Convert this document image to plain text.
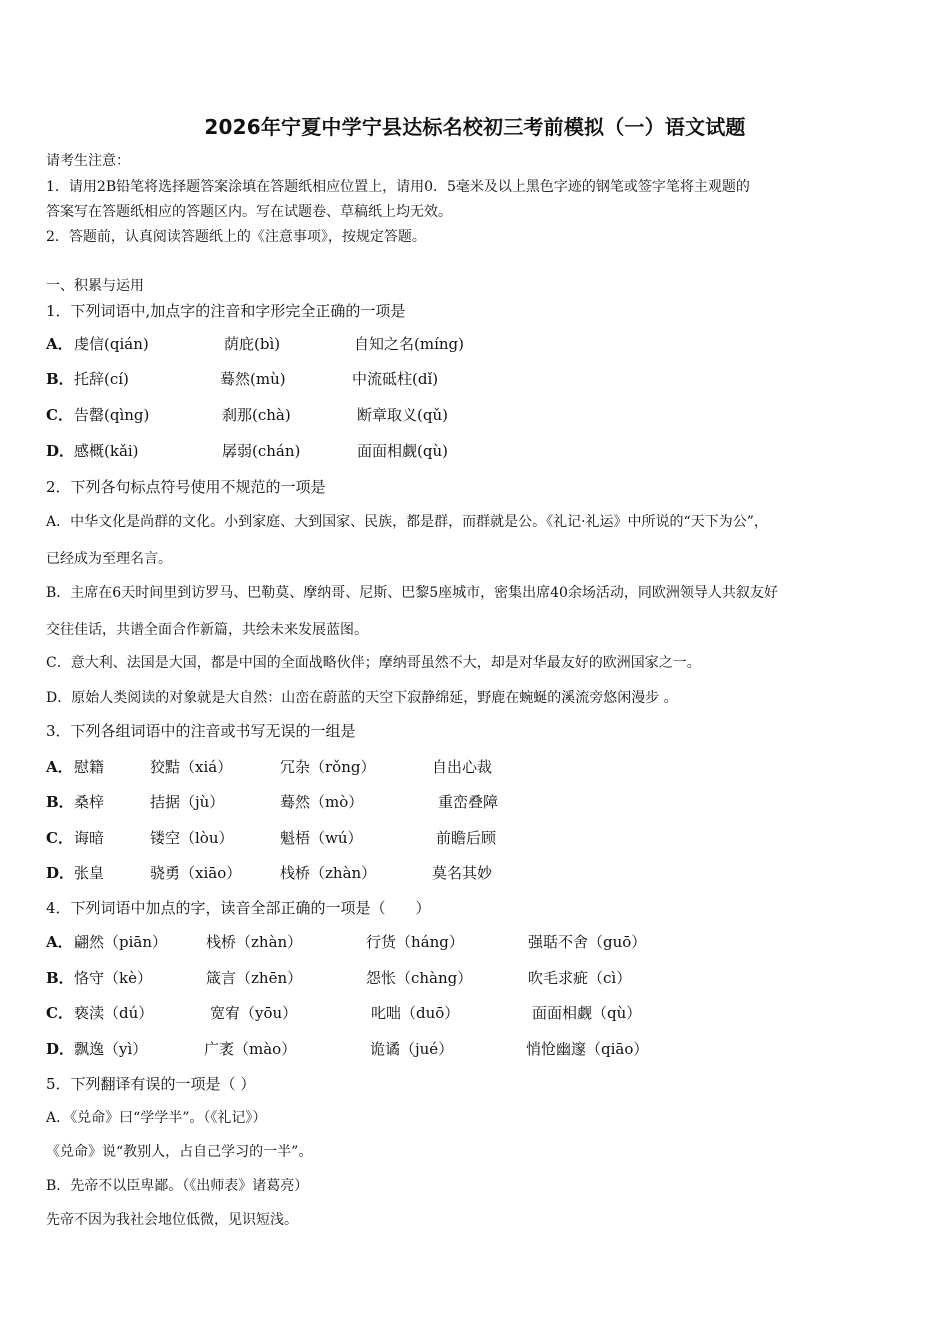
2026年宁夏中学宁县达标名校初三考前模拟（一）语文试题
请考生注意：
1．请用2B铅笔将选择题答案涂填在答题纸相应位置上，请用0．5毫米及以上黑色字迹的钢笔或签字笔将主观题的
答案写在答题纸相应的答题区内。写在试题卷、草稿纸上均无效。
2．答题前，认真阅读答题纸上的《注意事项》，按规定答题。
一、积累与运用
1．下列词语中,加点字的注音和字形完全正确的一项是
A． 虔信(qián)	荫庇(bì)	自知之名(míng)
B． 托辞(cí)	蓦然(mù)	中流砥柱(dǐ)
C． 告罄(qìng)	刹那(chà)	断章取义(qǔ)
D． 感概(kǎi)	孱弱(chán)	面面相觑(qù)
2．下列各句标点符号使用不规范的一项是
A．中华文化是尚群的文化。小到家庭、大到国家、民族，都是群，而群就是公。《礼记·礼运》中所说的“天下为公”，
已经成为至理名言。
B．主席在6天时间里到访罗马、巴勒莫、摩纳哥、尼斯、巴黎5座城市，密集出席40余场活动，同欧洲领导人共叙友好
交往佳话，共谱全面合作新篇，共绘未来发展蓝图。
C．意大利、法国是大国，都是中国的全面战略伙伴；摩纳哥虽然不大，却是对华最友好的欧洲国家之一。
D．原始人类阅读的对象就是大自然：山峦在蔚蓝的天空下寂静绵延，野鹿在蜿蜒的溪流旁悠闲漫步 。
3．下列各组词语中的注音或书写无误的一组是
A． 慰籍	狡黠（xiá）	冗杂（rǒng）	自出心裁
B． 桑梓	拮据（jù）	蓦然（mò）	重峦叠障
C． 诲暗	镂空（lòu）	魁梧（wú）	前瞻后顾
D． 张皇	骁勇（xiāo）	栈桥（zhàn）	莫名其妙
4．下列词语中加点的字，读音全部正确的一项是（　　）
A． 翩然（piān）	栈桥（zhàn）	行货（háng）	强聒不舍（guō）
B． 恪守（kè）	箴言（zhēn）	怨怅（chàng）	吹毛求疵（cì）
C． 亵渎（dú）	宽宥（yōu）	叱咄（duō）	面面相觑（qù）
D． 飘逸（yì）	广袤（mào）	诡谲（jué）	悄怆幽邃（qiāo）
5．下列翻译有误的一项是（ ）
A．《兑命》曰“学学半”。（《礼记》）
《兑命》说“教别人，占自己学习的一半”。
B．先帝不以臣卑鄙。（《出师表》诸葛亮）
先帝不因为我社会地位低微，见识短浅。
